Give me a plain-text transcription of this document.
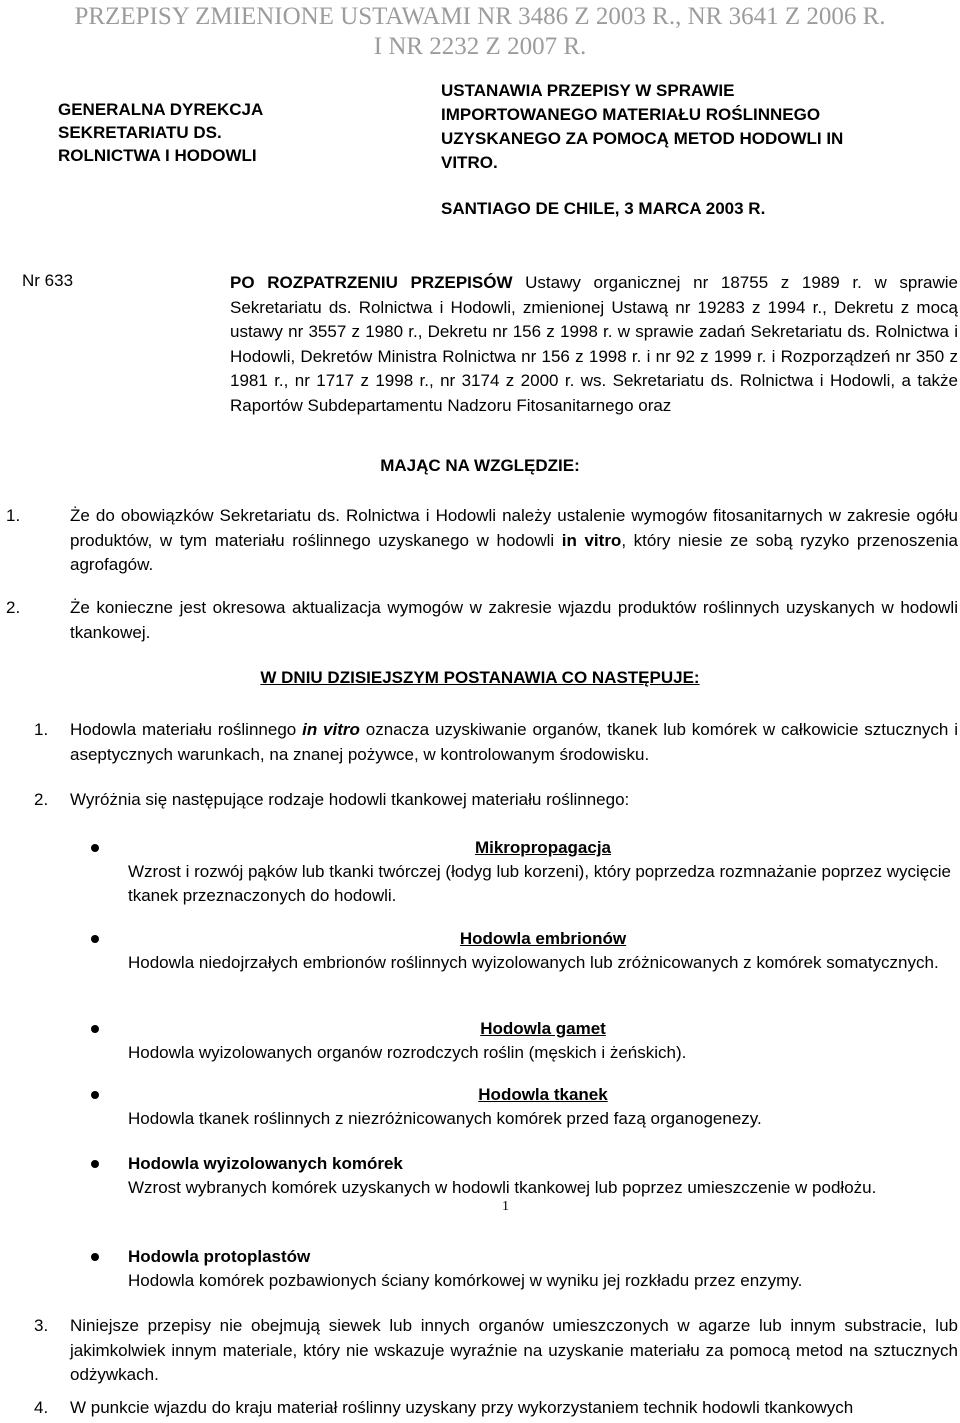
PRZEPISY ZMIENIONE USTAWAMI NR 3486 Z 2003 R., NR 3641 Z 2006 R.
I NR 2232 Z 2007 R.
GENERALNA DYREKCJA
SEKRETARIATU DS.
ROLNICTWA I HODOWLI
USTANAWIA PRZEPISY W SPRAWIE
IMPORTOWANEGO MATERIAŁU ROŚLINNEGO
UZYSKANEGO ZA POMOCĄ METOD HODOWLI IN
VITRO.
SANTIAGO DE CHILE, 3 MARCA 2003 R.
Nr 633	PO ROZPATRZENIU PRZEPISÓW Ustawy organicznej nr 18755 z 1989 r. w sprawie Sekretariatu ds. Rolnictwa i Hodowli, zmienionej Ustawą nr 19283 z 1994 r., Dekretu z mocą ustawy nr 3557 z 1980 r., Dekretu nr 156 z 1998 r. w sprawie zadań Sekretariatu ds. Rolnictwa i Hodowli, Dekretów Ministra Rolnictwa nr 156 z 1998 r. i nr 92 z 1999 r. i Rozporządzeń nr 350 z 1981 r., nr 1717 z 1998 r., nr 3174 z 2000 r. ws. Sekretariatu ds. Rolnictwa i Hodowli, a także Raportów Subdepartamentu Nadzoru Fitosanitarnego oraz
MAJĄC NA WZGLĘDZIE:
1.	Że do obowiązków Sekretariatu ds. Rolnictwa i Hodowli należy ustalenie wymogów fitosanitarnych w zakresie ogółu produktów, w tym materiału roślinnego uzyskanego w hodowli in vitro, który niesie ze sobą ryzyko przenoszenia agrofagów.
2.	Że konieczne jest okresowa aktualizacja wymogów w zakresie wjazdu produktów roślinnych uzyskanych w hodowli tkankowej.
W DNIU DZISIEJSZYM POSTANAWIA CO NASTĘPUJE:
1. Hodowla materiału roślinnego in vitro oznacza uzyskiwanie organów, tkanek lub komórek w całkowicie sztucznych i aseptycznych warunkach, na znanej pożywce, w kontrolowanym środowisku.
2. Wyróżnia się następujące rodzaje hodowli tkankowej materiału roślinnego:
Mikropropagacja
Wzrost i rozwój pąków lub tkanki twórczej (łodyg lub korzeni), który poprzedza rozmnażanie poprzez wycięcie tkanek przeznaczonych do hodowli.
Hodowla embrionów
Hodowla niedojrzałych embrionów roślinnych wyizolowanych lub zróżnicowanych z komórek somatycznych.
Hodowla gamet
Hodowla wyizolowanych organów rozrodczych roślin (męskich i żeńskich).
Hodowla tkanek
Hodowla tkanek roślinnych z niezróżnicowanych komórek przed fazą organogenezy.
Hodowla wyizolowanych komórek
Wzrost wybranych komórek uzyskanych w hodowli tkankowej lub poprzez umieszczenie w podłożu.
1
Hodowla protoplastów
Hodowla komórek pozbawionych ściany komórkowej w wyniku jej rozkładu przez enzymy.
3. Niniejsze przepisy nie obejmują siewek lub innych organów umieszczonych w agarze lub innym substracie, lub jakimkolwiek innym materiale, który nie wskazuje wyraźnie na uzyskanie materiału za pomocą metod na sztucznych odżywkach.
4. W punkcie wjazdu do kraju materiał roślinny uzyskany przy wykorzystaniem technik hodowli tkankowych
